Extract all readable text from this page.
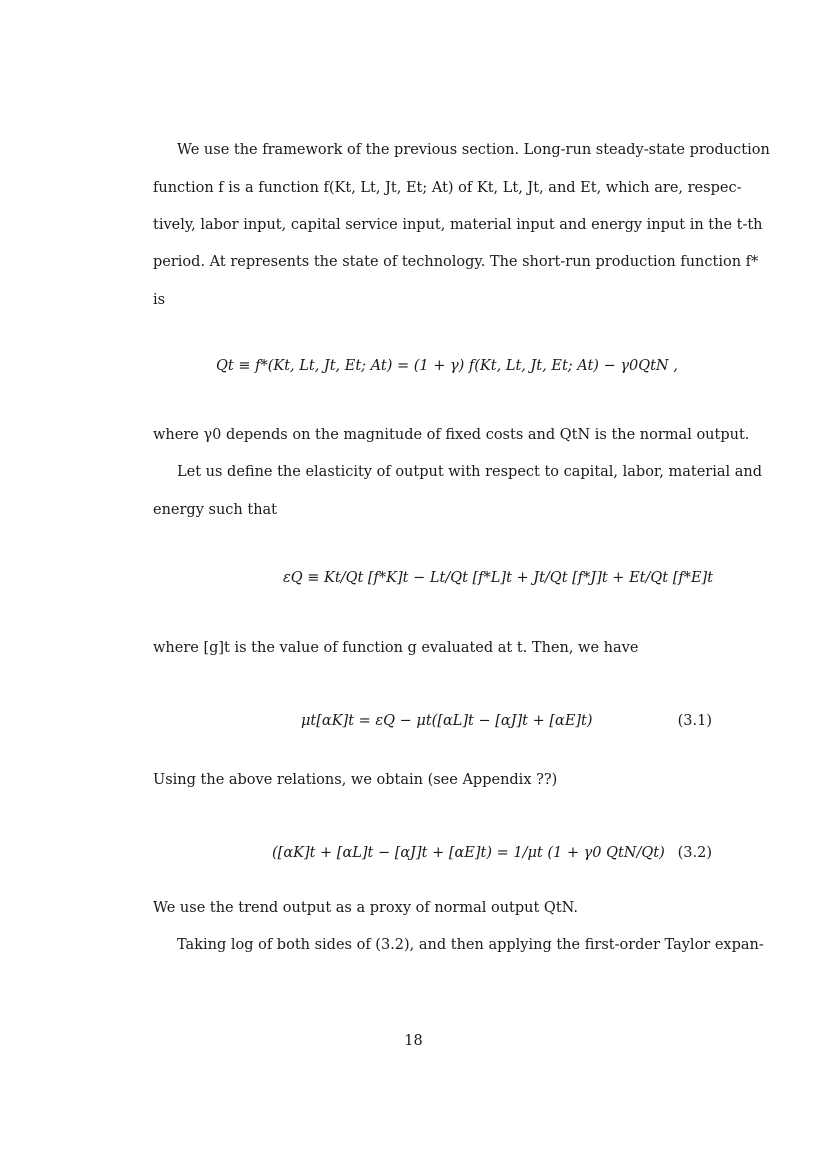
We use the framework of the previous section. Long-run steady-state production
function f is a function f(Kt, Lt, Jt, Et; At) of Kt, Lt, Jt, and Et, which are, respec-
tively, labor input, capital service input, material input and energy input in the t-th
period. At represents the state of technology. The short-run production function f*
is
Qt ≡ f*(Kt, Lt, Jt, Et; At) = (1 + γ) f(Kt, Lt, Jt, Et; At) − γ0QtN ,
where γ0 depends on the magnitude of fixed costs and QtN is the normal output.
Let us define the elasticity of output with respect to capital, labor, material and
energy such that
εQ ≡ Kt/Qt [f*K]t − Lt/Qt [f*L]t + Jt/Qt [f*J]t + Et/Qt [f*E]t
where [g]t is the value of function g evaluated at t. Then, we have
μt[αK]t = εQ − μt([αL]t − [αJ]t + [αE]t)	(3.1)
Using the above relations, we obtain (see Appendix ??)
([αK]t + [αL]t − [αJ]t + [αE]t) = 1/μt (1 + γ0 QtN/Qt) (3.2)
We use the trend output as a proxy of normal output QtN.
Taking log of both sides of (3.2), and then applying the first-order Taylor expan-
18
